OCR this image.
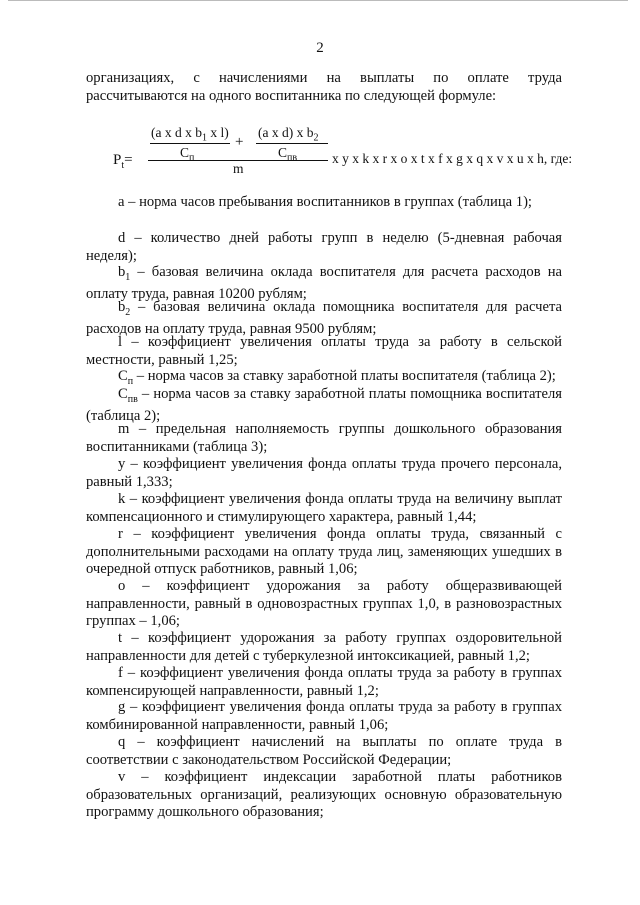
2
организациях, с начислениями на выплаты по оплате труда
рассчитываются на одного воспитанника по следующей формуле:
(a x d x $b_1$ x l)
$C_п$
+
(a x d) x $b_2$
$C_{пв}$
$P_t=$
m
x y x k x r x o x t x f x g x q x v x u x h, где:
a – норма часов пребывания воспитанников в группах (таблица 1);
d – количество дней работы групп в неделю (5-дневная рабочая неделя);
$b_1$ – базовая величина оклада воспитателя для расчета расходов на оплату труда, равная 10200 рублям;
$b_2$ – базовая величина оклада помощника воспитателя для расчета расходов на оплату труда, равная 9500 рублям;
l – коэффициент увеличения оплаты труда за работу в сельской местности, равный 1,25;
$C_п$ – норма часов за ставку заработной платы воспитателя (таблица 2);
$C_{пв}$ – норма часов за ставку заработной платы помощника воспитателя (таблица 2);
m – предельная наполняемость группы дошкольного образования воспитанниками (таблица 3);
y – коэффициент увеличения фонда оплаты труда прочего персонала, равный 1,333;
k – коэффициент увеличения фонда оплаты труда на величину выплат компенсационного и стимулирующего характера, равный 1,44;
r – коэффициент увеличения фонда оплаты труда, связанный с дополнительными расходами на оплату труда лиц, заменяющих ушедших в очередной отпуск работников, равный 1,06;
o – коэффициент удорожания за работу общеразвивающей направленности, равный в одновозрастных группах 1,0, в разновозрастных группах – 1,06;
t – коэффициент удорожания за работу группах оздоровительной направленности для детей с туберкулезной интоксикацией, равный 1,2;
f – коэффициент увеличения фонда оплаты труда за работу в группах компенсирующей направленности, равный 1,2;
g – коэффициент увеличения фонда оплаты труда за работу в группах комбинированной направленности, равный 1,06;
q – коэффициент начислений на выплаты по оплате труда в соответствии с законодательством Российской Федерации;
v – коэффициент индексации заработной платы работников образовательных организаций, реализующих основную образовательную программу дошкольного образования;
